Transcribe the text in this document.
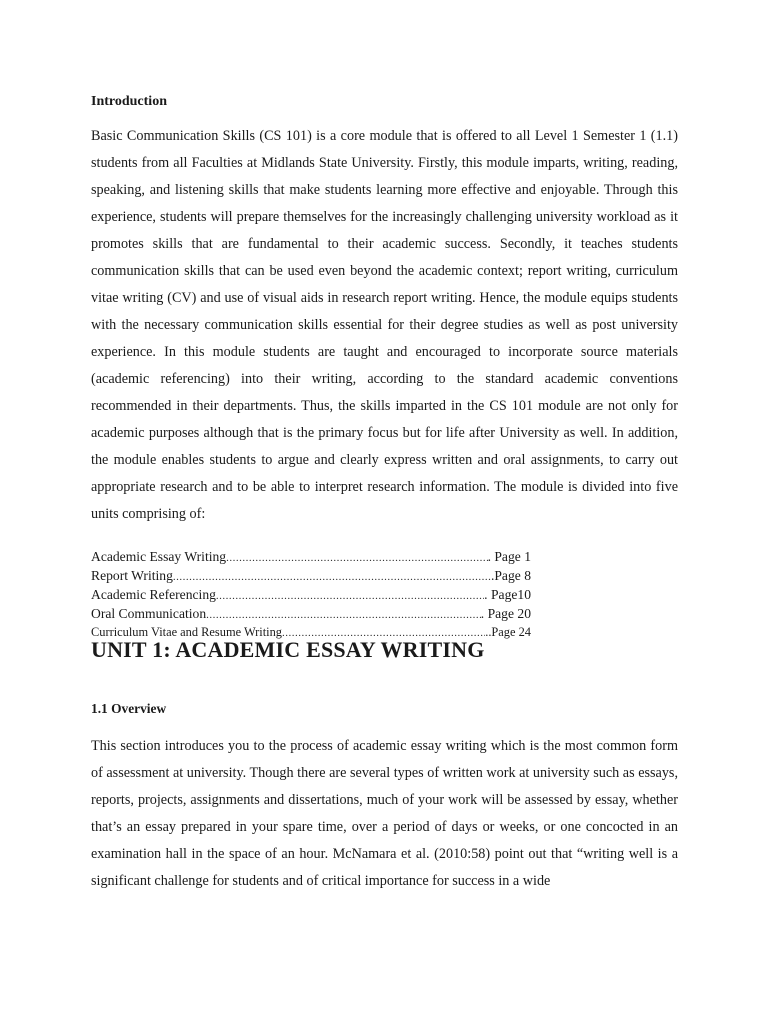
Introduction

Basic Communication Skills (CS 101) is a core module that is offered to all Level 1 Semester 1 (1.1) students from all Faculties at Midlands State University. Firstly, this module imparts, writing, reading, speaking, and listening skills that make students learning more effective and enjoyable. Through this experience, students will prepare themselves for the increasingly challenging university workload as it promotes skills that are fundamental to their academic success. Secondly, it teaches students communication skills that can be used even beyond the academic context; report writing, curriculum vitae writing (CV) and use of visual aids in research report writing. Hence, the module equips students with the necessary communication skills essential for their degree studies as well as post university experience. In this module students are taught and encouraged to incorporate source materials (academic referencing) into their writing, according to the standard academic conventions recommended in their departments. Thus, the skills imparted in the CS 101 module are not only for academic purposes although that is the primary focus but for life after University as well. In addition, the module enables students to argue and clearly express written and oral assignments, to carry out appropriate research and to be able to interpret research information. The module is divided into five units comprising of:

Academic Essay Writing .....	. Page 1
Report Writing .....	.Page 8
Academic Referencing .....	. Page10
Oral Communication .....	. Page 20
Curriculum Vitae and Resume Writing .....	..Page 24
UNIT 1: ACADEMIC ESSAY WRITING
1.1 Overview

This section introduces you to the process of academic essay writing which is the most common form of assessment at university. Though there are several types of written work at university such as essays, reports, projects, assignments and dissertations, much of your work will be assessed by essay, whether that’s an essay prepared in your spare time, over a period of days or weeks, or one concocted in an examination hall in the space of an hour. McNamara et al. (2010:58) point out that “writing well is a significant challenge for students and of critical importance for success in a wide
